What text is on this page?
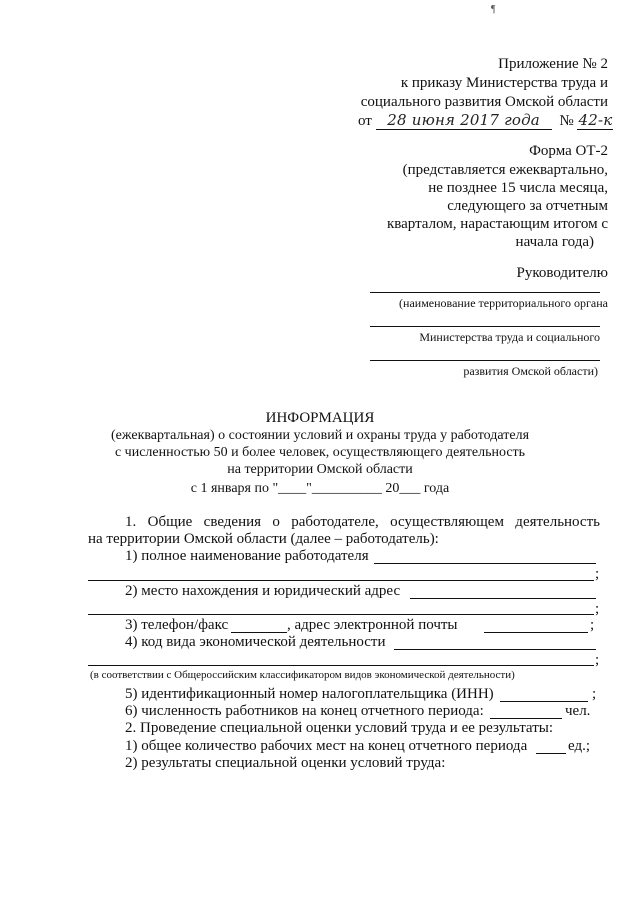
¶
Приложение № 2
к приказу Министерства труда и
социального развития Омской области
от 28 июня 2017 года № 42-к
Форма ОТ-2
(представляется ежеквартально,
не позднее 15 числа месяца,
следующего за отчетным
кварталом, нарастающим итогом с
начала года)
Руководителю
(наименование территориального органа
Министерства труда и социального
развития Омской области)
ИНФОРМАЦИЯ
(ежеквартальная) о состоянии условий и охраны труда у работодателя
с численностью 50 и более человек, осуществляющего деятельность
на территории Омской области
с 1 января по "____"__________ 20___ года
1. Общие сведения о работодателе, осуществляющем деятельность
на территории Омской области (далее – работодатель):
1) полное наименование работодателя
;
2) место нахождения и юридический адрес
;
3) телефон/факс	, адрес электронной почты	;
4) код вида экономической деятельности
;
(в соответствии с Общероссийским классификатором видов экономической деятельности)
5) идентификационный номер налогоплательщика (ИНН)	;
6) численность работников на конец отчетного периода:	чел.
2. Проведение специальной оценки условий труда и ее результаты:
1) общее количество рабочих мест на конец отчетного периода	ед.;
2) результаты специальной оценки условий труда:
